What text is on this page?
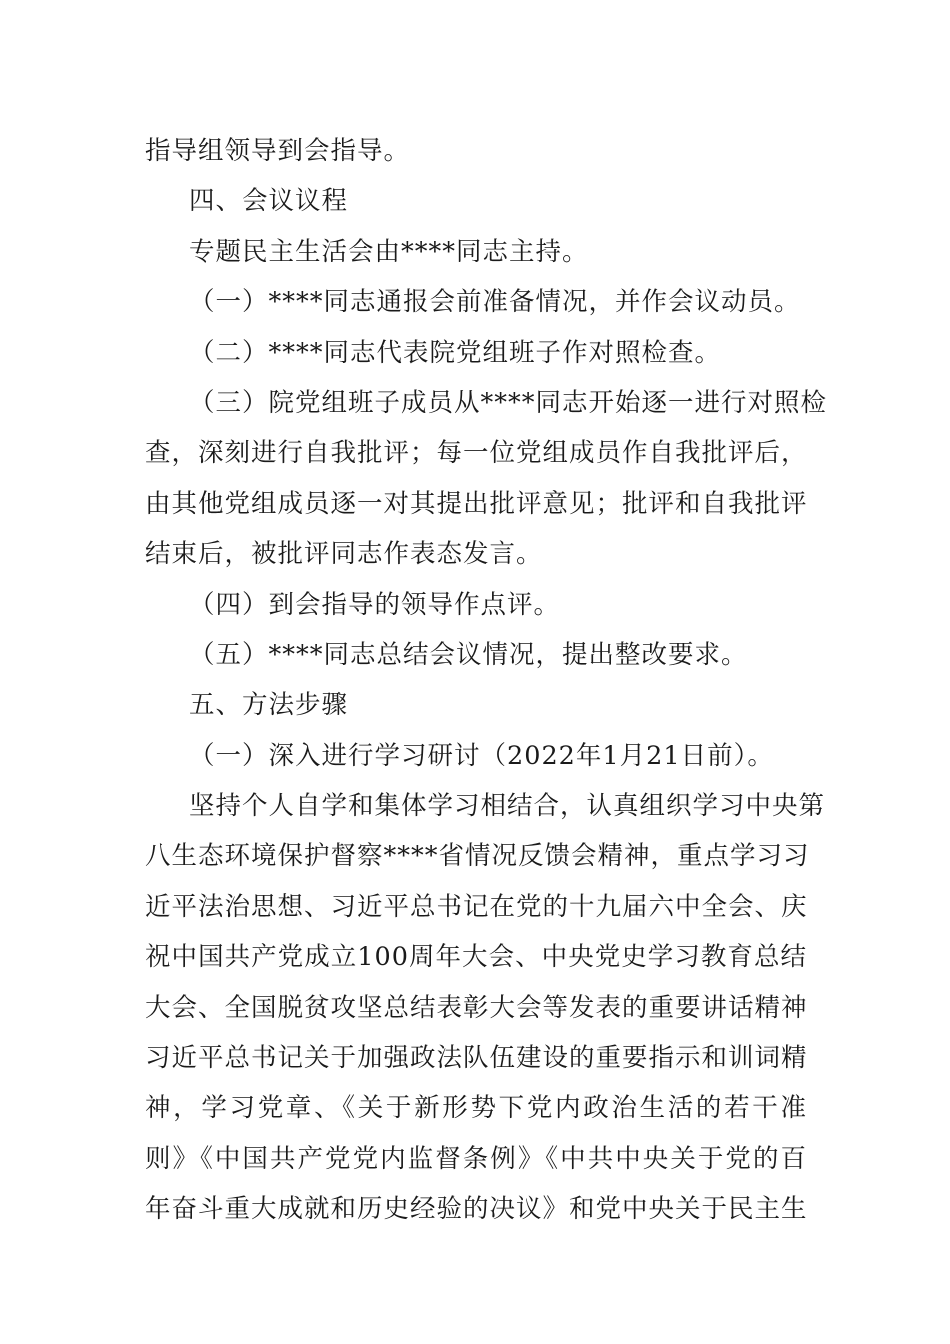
指导组领导到会指导。
四、会议议程
专题民主生活会由****同志主持。
（一）****同志通报会前准备情况，并作会议动员。
（二）****同志代表院党组班子作对照检查。
（三）院党组班子成员从****同志开始逐一进行对照检
查，深刻进行自我批评；每一位党组成员作自我批评后，
由其他党组成员逐一对其提出批评意见；批评和自我批评
结束后，被批评同志作表态发言。
（四）到会指导的领导作点评。
（五）****同志总结会议情况，提出整改要求。
五、方法步骤
（一）深入进行学习研讨（2022年1月21日前）。
坚持个人自学和集体学习相结合，认真组织学习中央第
八生态环境保护督察****省情况反馈会精神，重点学习习
近平法治思想、习近平总书记在党的十九届六中全会、庆
祝中国共产党成立100周年大会、中央党史学习教育总结
大会、全国脱贫攻坚总结表彰大会等发表的重要讲话精神
习近平总书记关于加强政法队伍建设的重要指示和训词精
神，学习党章、《关于新形势下党内政治生活的若干准
则》《中国共产党党内监督条例》《中共中央关于党的百
年奋斗重大成就和历史经验的决议》和党中央关于民主生
